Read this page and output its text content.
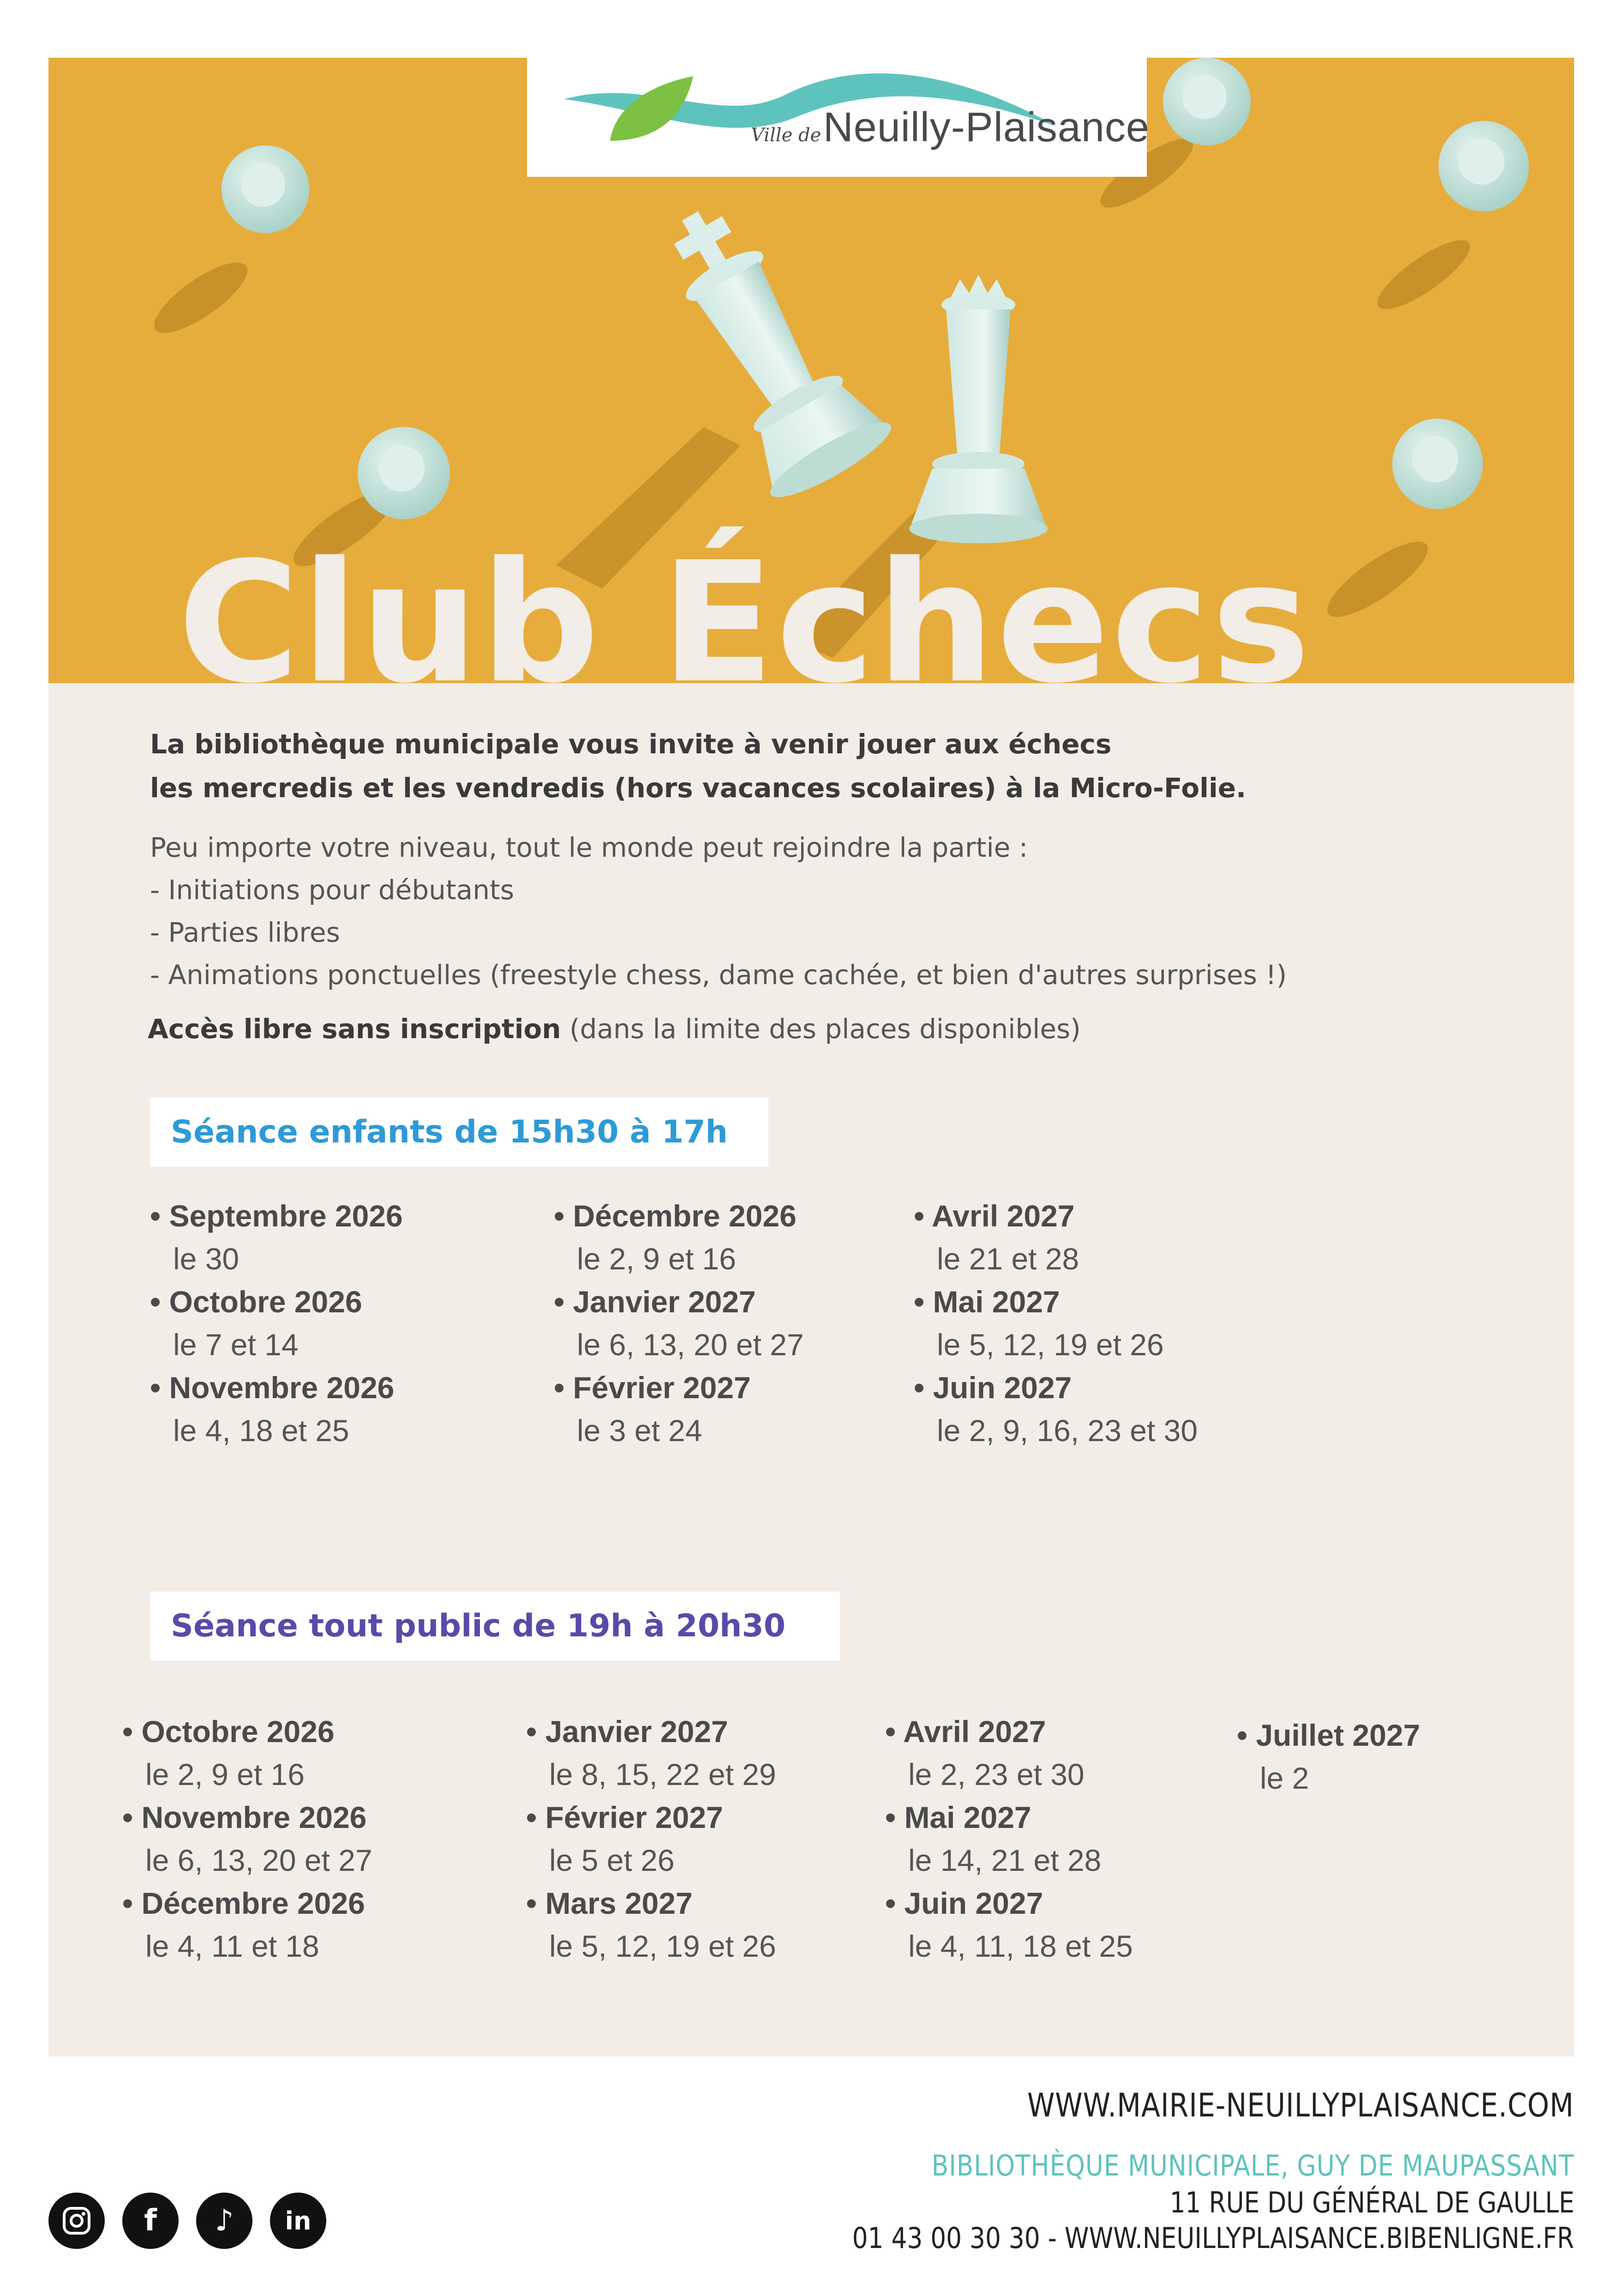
Ville de Neuilly-Plaisance
Club Échecs
La bibliothèque municipale vous invite à venir jouer aux échecs
les mercredis et les vendredis (hors vacances scolaires) à la Micro-Folie.
Peu importe votre niveau, tout le monde peut rejoindre la partie :
- Initiations pour débutants
- Parties libres
- Animations ponctuelles (freestyle chess, dame cachée, et bien d'autres surprises !)
Accès libre sans inscription (dans la limite des places disponibles)
Séance enfants de 15h30 à 17h
• Septembre 2026
le 30
• Octobre 2026
le 7 et 14
• Novembre 2026
le 4, 18 et 25
• Décembre 2026
le 2, 9 et 16
• Janvier 2027
le 6, 13, 20 et 27
• Février 2027
le 3 et 24
• Avril 2027
le 21 et 28
• Mai 2027
le 5, 12, 19 et 26
• Juin 2027
le 2, 9, 16, 23 et 30
Séance tout public de 19h à 20h30
• Octobre 2026
le 2, 9 et 16
• Novembre 2026
le 6, 13, 20 et 27
• Décembre 2026
le 4, 11 et 18
• Janvier 2027
le 8, 15, 22 et 29
• Février 2027
le 5 et 26
• Mars 2027
le 5, 12, 19 et 26
• Avril 2027
le 2, 23 et 30
• Mai 2027
le 14, 21 et 28
• Juin 2027
le 4, 11, 18 et 25
• Juillet 2027
le 2
WWW.MAIRIE-NEUILLYPLAISANCE.COM
BIBLIOTHÈQUE MUNICIPALE, GUY DE MAUPASSANT
11 RUE DU GÉNÉRAL DE GAULLE
01 43 00 30 30 - WWW.NEUILLYPLAISANCE.BIBENLIGNE.FR
f ♪ in
